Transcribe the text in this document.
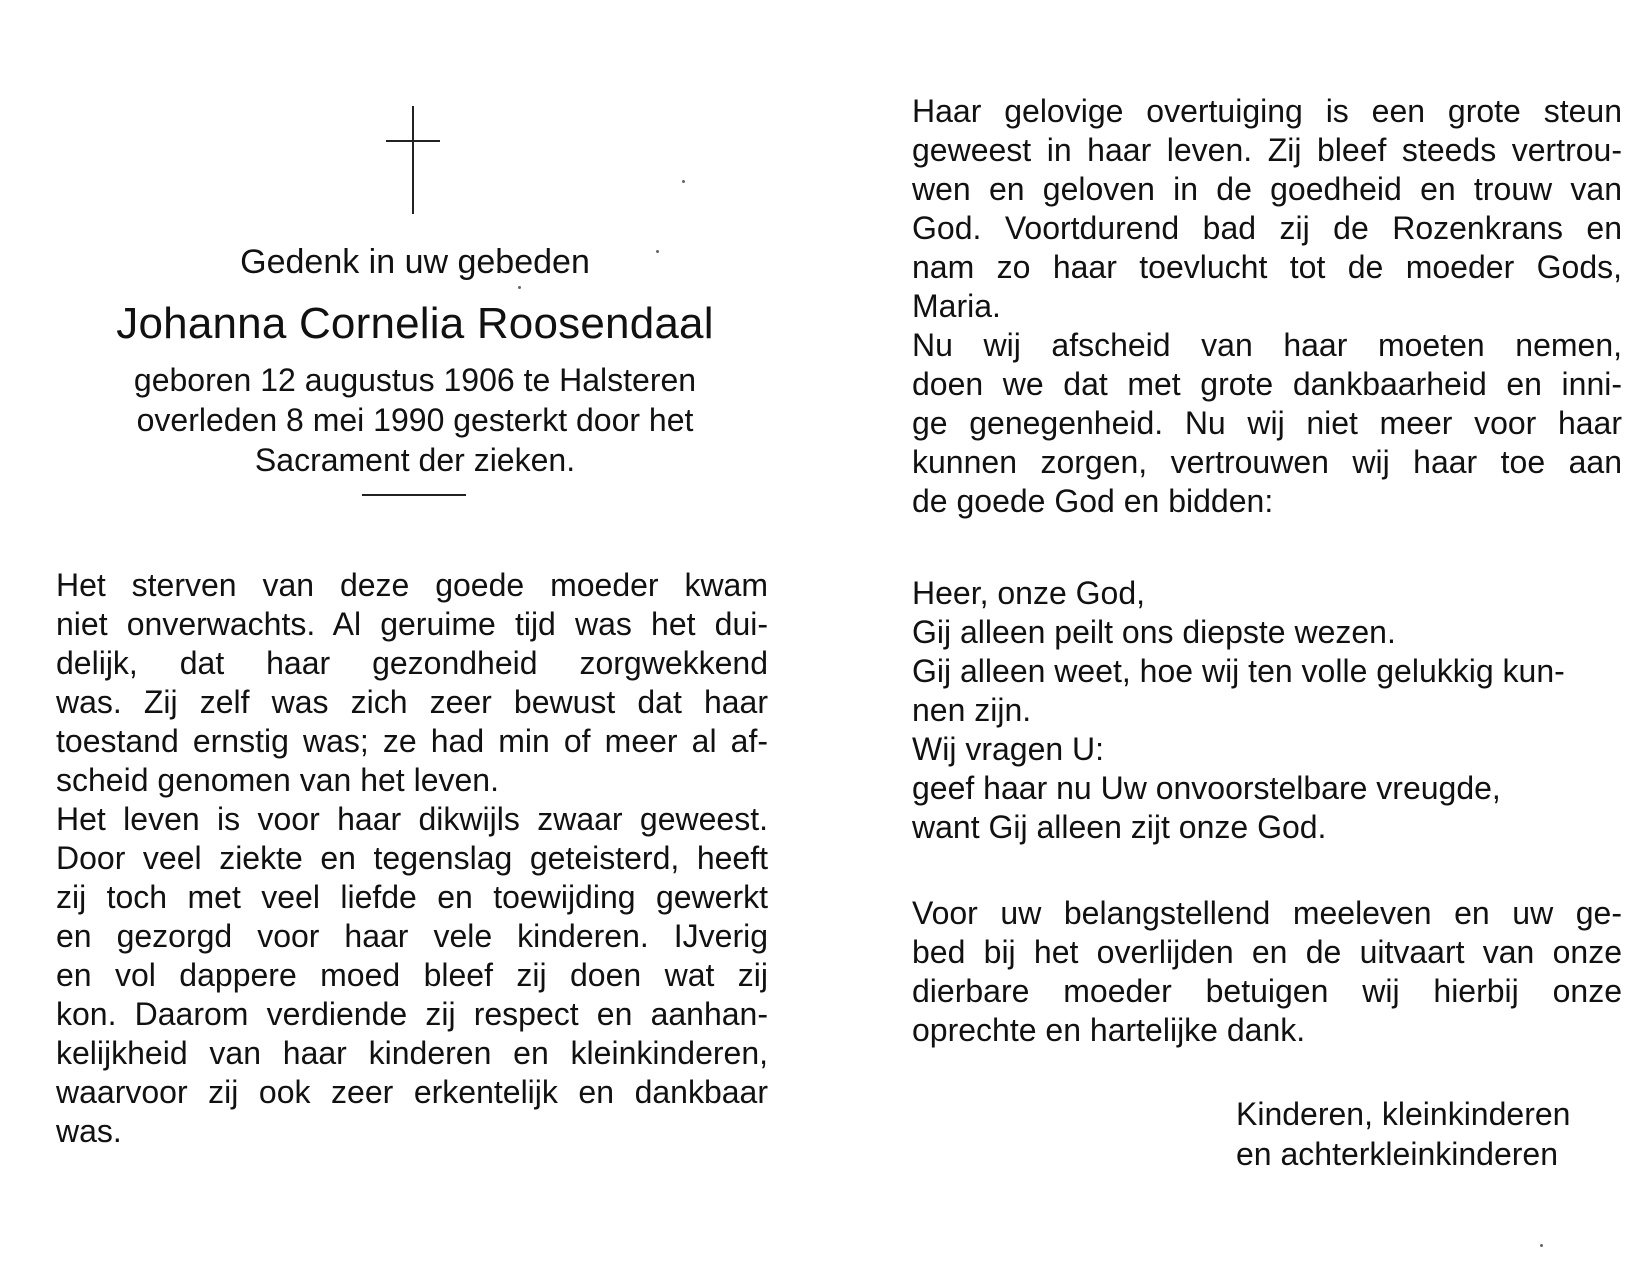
Gedenk in uw gebeden
Johanna Cornelia Roosendaal
geboren 12 augustus 1906 te Halsteren
overleden 8 mei 1990 gesterkt door het
Sacrament der zieken.
Het sterven van deze goede moeder kwam
niet onverwachts. Al geruime tijd was het dui-
delijk, dat haar gezondheid zorgwekkend
was. Zij zelf was zich zeer bewust dat haar
toestand ernstig was; ze had min of meer al af-
scheid genomen van het leven.
Het leven is voor haar dikwijls zwaar geweest.
Door veel ziekte en tegenslag geteisterd, heeft
zij toch met veel liefde en toewijding gewerkt
en gezorgd voor haar vele kinderen. IJverig
en vol dappere moed bleef zij doen wat zij
kon. Daarom verdiende zij respect en aanhan-
kelijkheid van haar kinderen en kleinkinderen,
waarvoor zij ook zeer erkentelijk en dankbaar
was.
Haar gelovige overtuiging is een grote steun
geweest in haar leven. Zij bleef steeds vertrou-
wen en geloven in de goedheid en trouw van
God. Voortdurend bad zij de Rozenkrans en
nam zo haar toevlucht tot de moeder Gods,
Maria.
Nu wij afscheid van haar moeten nemen,
doen we dat met grote dankbaarheid en inni-
ge genegenheid. Nu wij niet meer voor haar
kunnen zorgen, vertrouwen wij haar toe aan
de goede God en bidden:
Heer, onze God,
Gij alleen peilt ons diepste wezen.
Gij alleen weet, hoe wij ten volle gelukkig kun-
nen zijn.
Wij vragen U:
geef haar nu Uw onvoorstelbare vreugde,
want Gij alleen zijt onze God.
Voor uw belangstellend meeleven en uw ge-
bed bij het overlijden en de uitvaart van onze
dierbare moeder betuigen wij hierbij onze
oprechte en hartelijke dank.
Kinderen, kleinkinderen
en achterkleinkinderen
